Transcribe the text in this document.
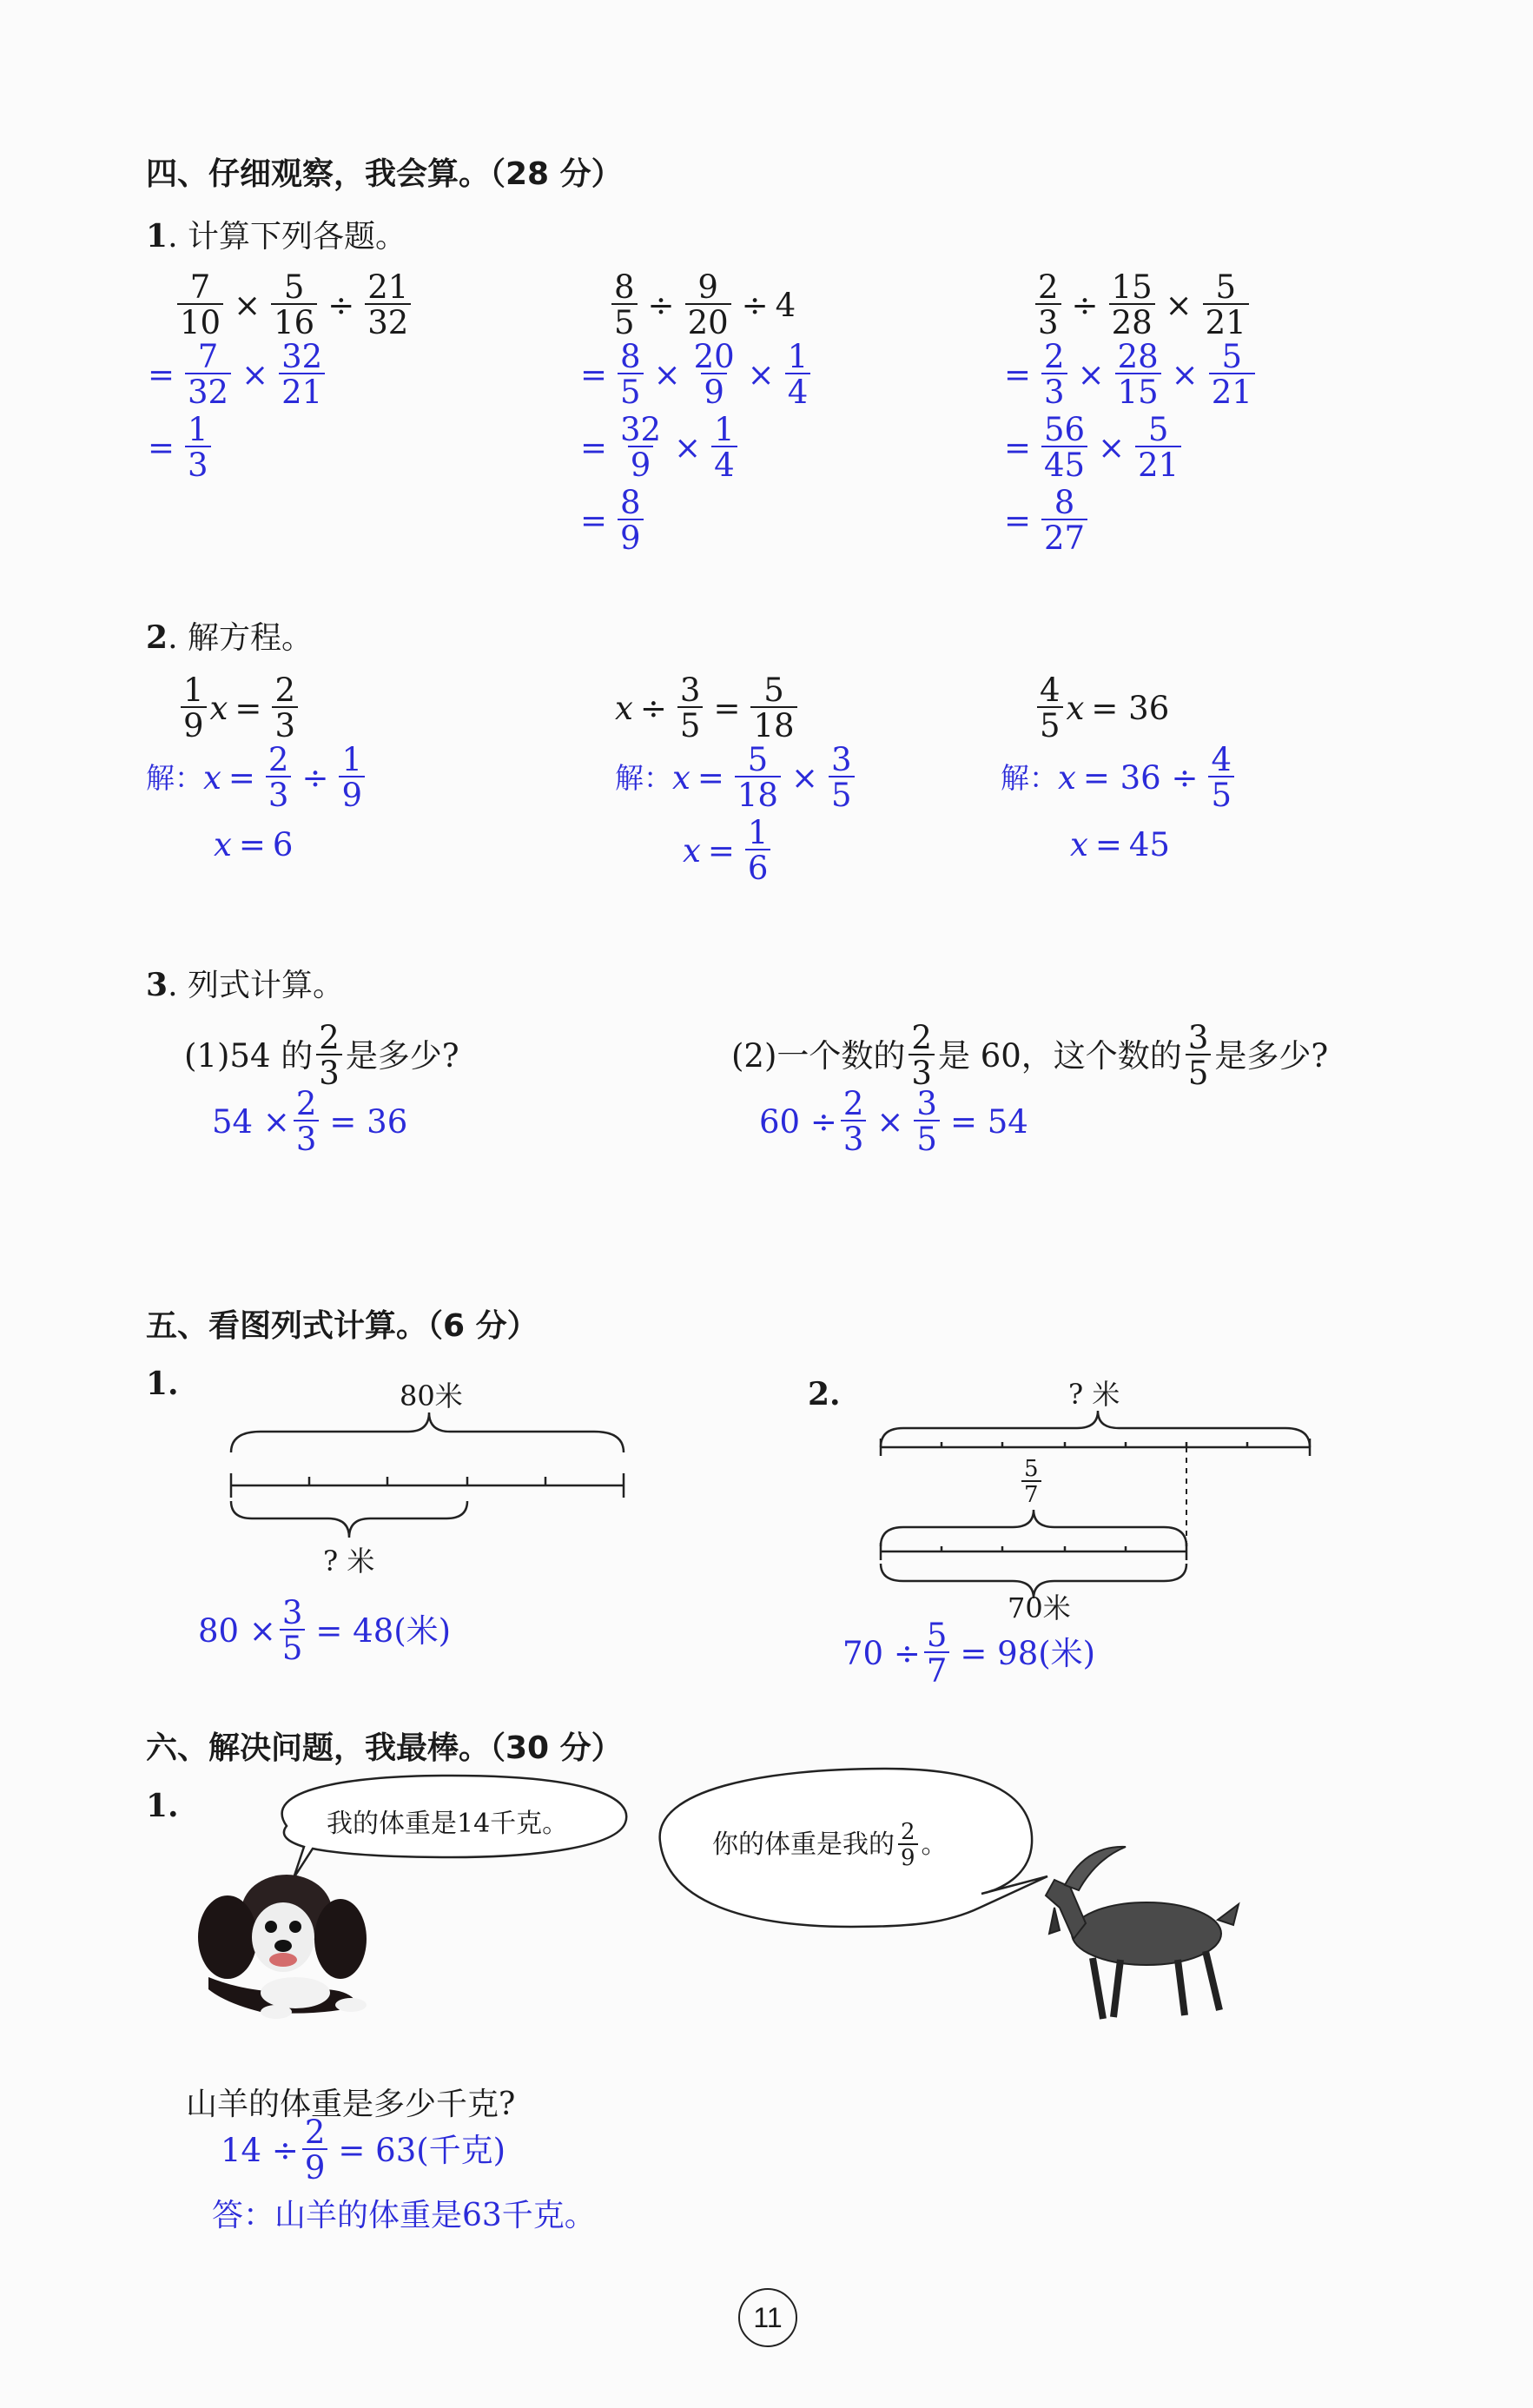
四、仔细观察，我会算。（28 分）
1. 计算下列各题。
$\frac{7}{10} \times \frac{5}{16} \div \frac{21}{32}$
= $\frac{7}{32} \times \frac{32}{21}$
= $\frac{1}{3}$
$\frac{8}{5} \div \frac{9}{20} \div 4$
= $\frac{8}{5} \times \frac{20}{9} \times \frac{1}{4}$
= $\frac{32}{9} \times \frac{1}{4}$
= $\frac{8}{9}$
$\frac{2}{3} \div \frac{15}{28} \times \frac{5}{21}$
= $\frac{2}{3} \times \frac{28}{15} \times \frac{5}{21}$
= $\frac{56}{45} \times \frac{5}{21}$
= $\frac{8}{27}$
2. 解方程。
1
9 $x = \frac{2}{3}$
解： $x = \frac{2}{3} \div \frac{1}{9}$
x = 6
$x \div \frac{3}{5} = \frac{5}{18}$
解： $x = \frac{5}{18} \times \frac{3}{5}$
$x = \frac{1}{6}$
4
5 x = 36
解： $x = 36 \div \frac{4}{5}$
x = 45
3. 列式计算。
(1)54 的 2
3 是多少?
$54 \times \frac{2}{3} = 36$
(2)一个数的 2
3 是 60，这个数的 3
5 是多少?
$60 \div \frac{2}{3} \times \frac{3}{5} = 54$
五、看图列式计算。（6 分）
1.	80米
? 米
$80 \times \frac{3}{5} = 48$(米)
2.	? 米
5
7
70米
$70 \div \frac{5}{7} = 98$(米)
六、解决问题，我最棒。（30 分）
1.	我的体重是14千克。
你的体重是我的 2
9 。
山羊的体重是多少千克?
$14 \div \frac{2}{9} = 63$(千克)
答：山羊的体重是63千克。
11
